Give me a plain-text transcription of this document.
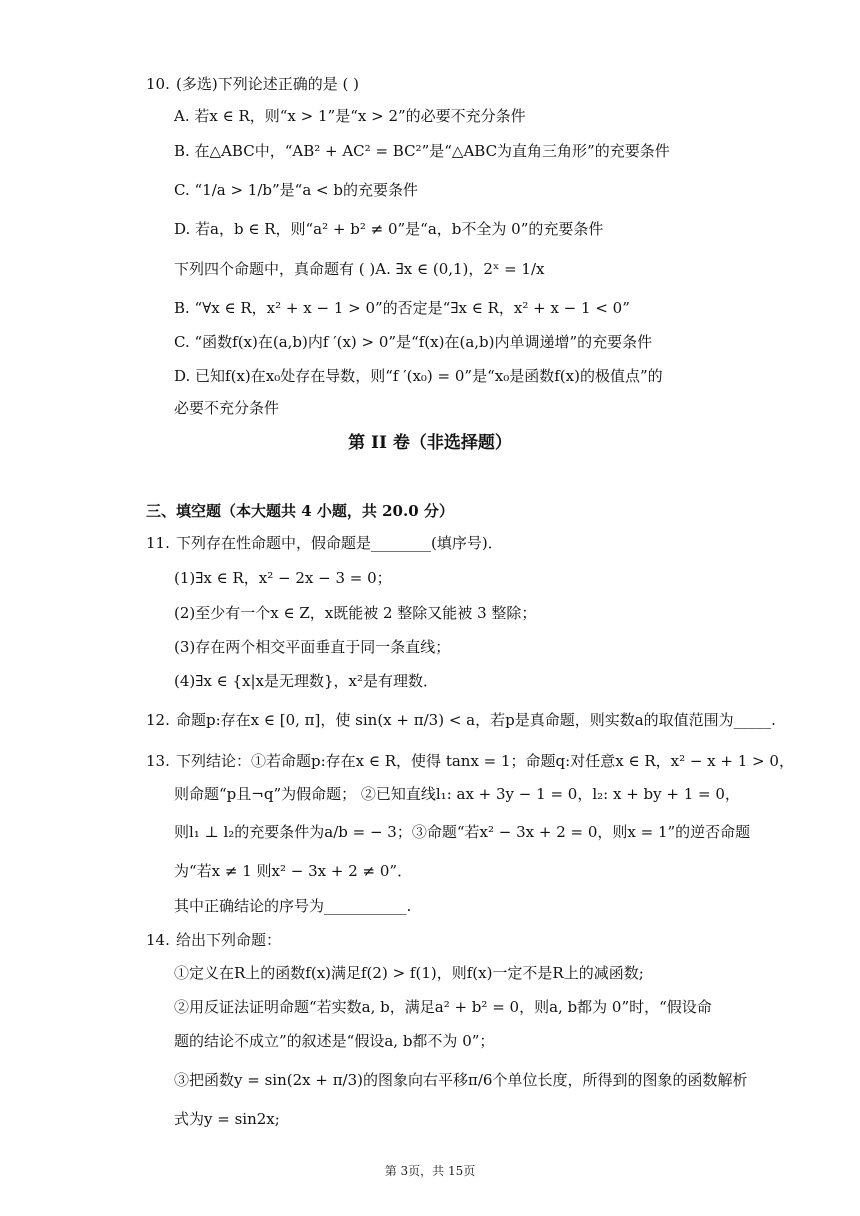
10. (多选)下列论述正确的是 ( )
A. 若x ∈ R，则“x > 1”是“x > 2”的必要不充分条件
B. 在△ABC中，“AB² + AC² = BC²”是“△ABC为直角三角形”的充要条件
C. “1/a > 1/b”是“a < b的充要条件
D. 若a，b ∈ R，则“a² + b² ≠ 0”是“a，b不全为 0”的充要条件
下列四个命题中，真命题有 ( )A. ∃x ∈ (0,1)，2ˣ = 1/x
B. “∀x ∈ R，x² + x − 1 > 0”的否定是“∃x ∈ R，x² + x − 1 < 0”
C. “函数f(x)在(a,b)内f ′(x) > 0”是“f(x)在(a,b)内单调递增”的充要条件
D. 已知f(x)在x₀处存在导数，则“f ′(x₀) = 0”是“x₀是函数f(x)的极值点”的
必要不充分条件
第 II 卷（非选择题）
三、填空题（本大题共 4 小题，共 20.0 分）
11. 下列存在性命题中，假命题是________(填序号)．
(1)∃x ∈ R，x² − 2x − 3 = 0；
(2)至少有一个x ∈ Z，x既能被 2 整除又能被 3 整除；
(3)存在两个相交平面垂直于同一条直线；
(4)∃x ∈ {x|x是无理数}，x²是有理数．
12. 命题p:存在x ∈ [0, π]，使 sin(x + π/3) < a，若p是真命题，则实数a的取值范围为_____.
13. 下列结论：①若命题p:存在x ∈ R，使得 tanx = 1；命题q:对任意x ∈ R，x² − x + 1 > 0，
则命题“p且¬q”为假命题； ②已知直线l₁: ax + 3y − 1 = 0，l₂: x + by + 1 = 0，
则l₁ ⊥ l₂的充要条件为a/b = − 3；③命题“若x² − 3x + 2 = 0，则x = 1”的逆否命题
为“若x ≠ 1 则x² − 3x + 2 ≠ 0”．
其中正确结论的序号为___________.
14. 给出下列命题：
①定义在R上的函数f(x)满足f(2) > f(1)，则f(x)一定不是R上的减函数;
②用反证法证明命题“若实数a, b，满足a² + b² = 0，则a, b都为 0”时，“假设命
题的结论不成立”的叙述是“假设a, b都不为 0”；
③把函数y = sin(2x + π/3)的图象向右平移π/6个单位长度，所得到的图象的函数解析
式为y = sin2x;
第 3页，共 15页
